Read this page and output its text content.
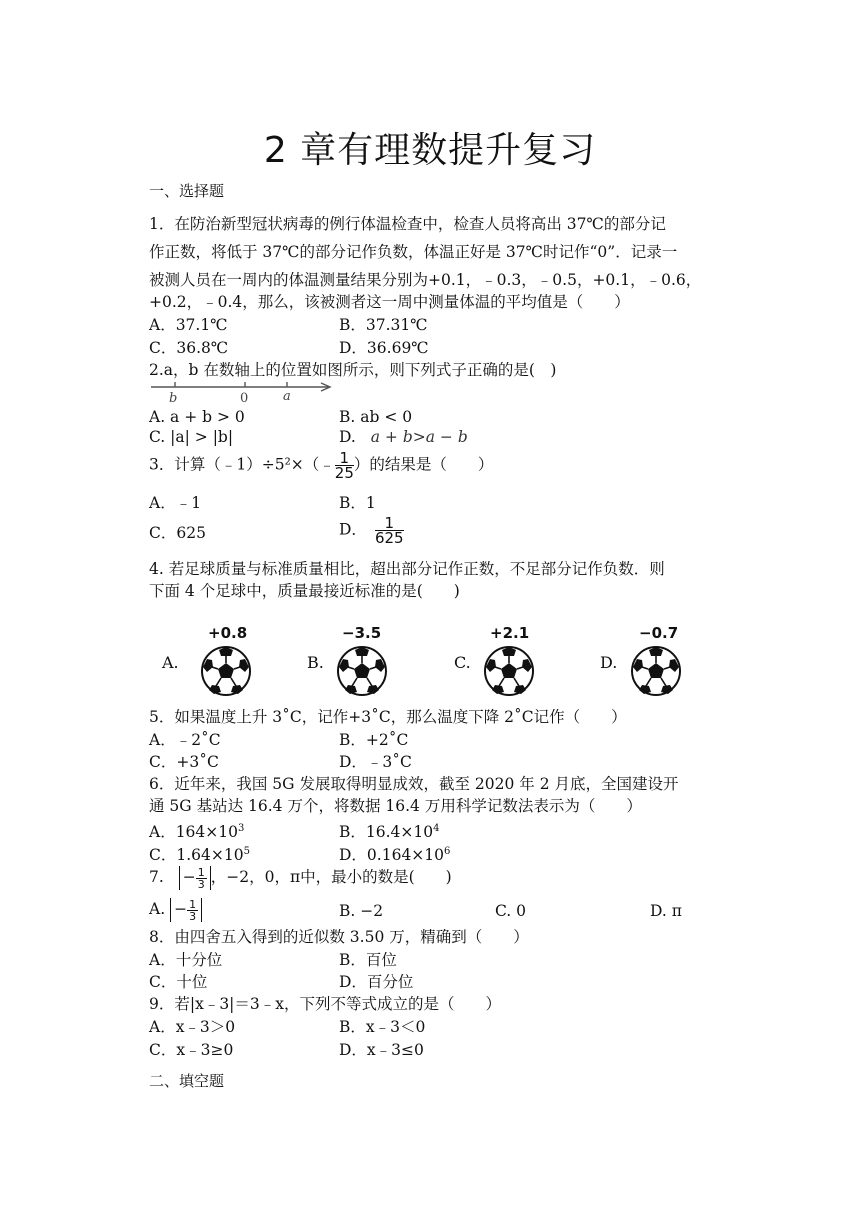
2 章有理数提升复习
一、选择题
1．在防治新型冠状病毒的例行体温检查中，检查人员将高出 37℃的部分记
作正数，将低于 37℃的部分记作负数，体温正好是 37℃时记作“0”．记录一
被测人员在一周内的体温测量结果分别为+0.1，﹣0.3，﹣0.5，+0.1，﹣0.6，
+0.2，﹣0.4，那么，该被测者这一周中测量体温的平均值是（　　）
A．37.1℃	B．37.31℃
C．36.8℃	D．36.69℃
2.a，b 在数轴上的位置如图所示，则下列式子正确的是(　)
b	0	a
A. a + b > 0	B. ab < 0
C. |a| > |b|	D. a + b>a − b
3．计算（﹣1）÷5²×（﹣ $\frac{1}{25}$ ）的结果是（　　）
A．﹣1	B．1
C．625	D． $\frac{1}{625}$
4. 若足球质量与标准质量相比，超出部分记作正数，不足部分记作负数．则
下面 4 个足球中，质量最接近标准的是(　　)
A.
+0.8
B.
−3.5
C.
+2.1
D.
−0.7
5．如果温度上升 3˚C，记作+3˚C，那么温度下降 2˚C记作（　　）
A．﹣2˚C	B．+2˚C
C．+3˚C	D．﹣3˚C
6．近年来，我国 5G 发展取得明显成效，截至 2020 年 2 月底，全国建设开
通 5G 基站达 16.4 万个，将数据 16.4 万用科学记数法表示为（　　）
A．$164\times 10^3$	B．$16.4\times 10^4$
C．$1.64\times 10^5$	D．$0.164\times 10^6$
7. − $\frac{1}{3}$ ，−2，0，π中，最小的数是(　　)
A. − $\frac{1}{3}$	B. −2	C. 0	D. π
8．由四舍五入得到的近似数 3.50 万，精确到（　　）
A．十分位	B．百位
C．十位	D．百分位
9．若|x﹣3|＝3﹣x，下列不等式成立的是（　　）
A．x﹣3＞0	B．x﹣3＜0
C．x﹣3≥0	D．x﹣3≤0
二、填空题
